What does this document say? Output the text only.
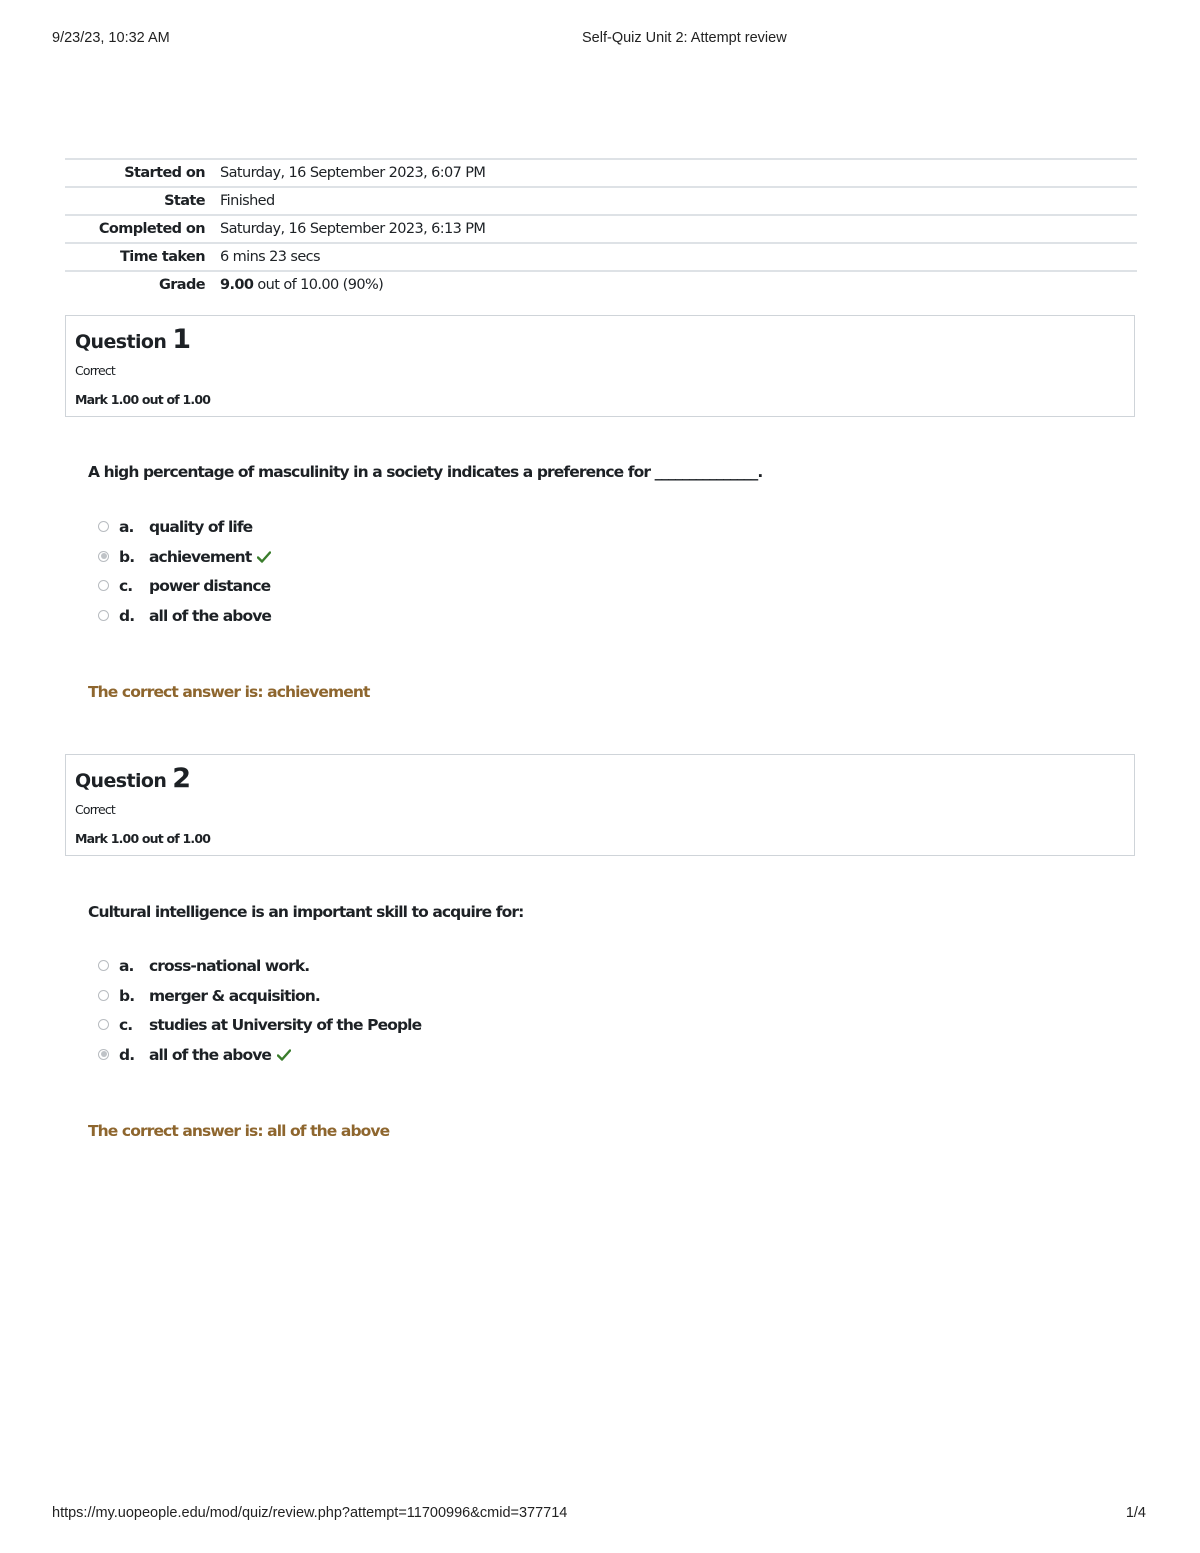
9/23/23, 10:32 AM	Self-Quiz Unit 2: Attempt review
Started on	Saturday, 16 September 2023, 6:07 PM
State	Finished
Completed on	Saturday, 16 September 2023, 6:13 PM
Time taken	6 mins 23 secs
Grade	9.00 out of 10.00 (90%)
Question 1
Correct
Mark 1.00 out of 1.00
A high percentage of masculinity in a society indicates a preference for _______________.
a. quality of life
b. achievement
c. power distance
d. all of the above
The correct answer is: achievement
Question 2
Correct
Mark 1.00 out of 1.00
Cultural intelligence is an important skill to acquire for:
a. cross-national work.
b. merger & acquisition.
c. studies at University of the People
d. all of the above
The correct answer is: all of the above
https://my.uopeople.edu/mod/quiz/review.php?attempt=11700996&cmid=377714	1/4
